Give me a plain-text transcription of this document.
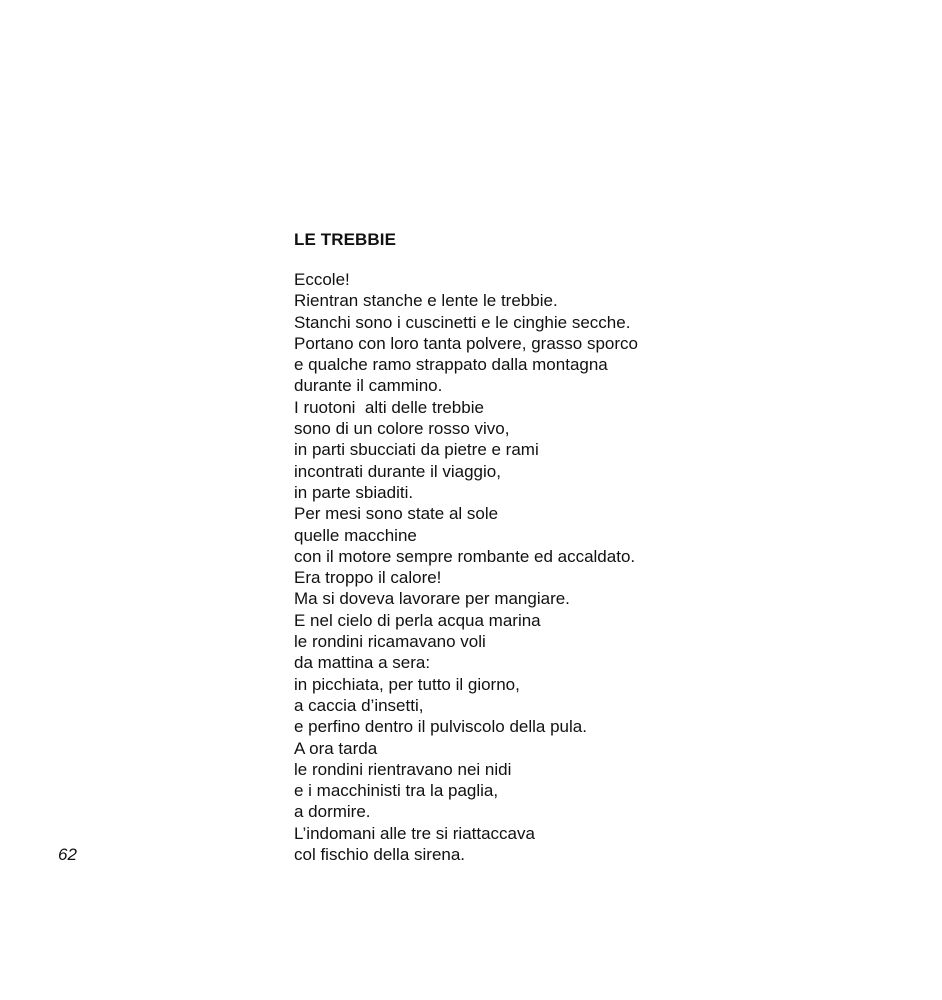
LE TREBBIE
Eccole!
Rientran stanche e lente le trebbie.
Stanchi sono i cuscinetti e le cinghie secche.
Portano con loro tanta polvere, grasso sporco
e qualche ramo strappato dalla montagna
durante il cammino.
I ruotoni  alti delle trebbie
sono di un colore rosso vivo,
in parti sbucciati da pietre e rami
incontrati durante il viaggio,
in parte sbiaditi.
Per mesi sono state al sole
quelle macchine
con il motore sempre rombante ed accaldato.
Era troppo il calore!
Ma si doveva lavorare per mangiare.
E nel cielo di perla acqua marina
le rondini ricamavano voli
da mattina a sera:
in picchiata, per tutto il giorno,
a caccia d’insetti,
e perfino dentro il pulviscolo della pula.
A ora tarda
le rondini rientravano nei nidi
e i macchinisti tra la paglia,
a dormire.
L’indomani alle tre si riattaccava
col fischio della sirena.
62
